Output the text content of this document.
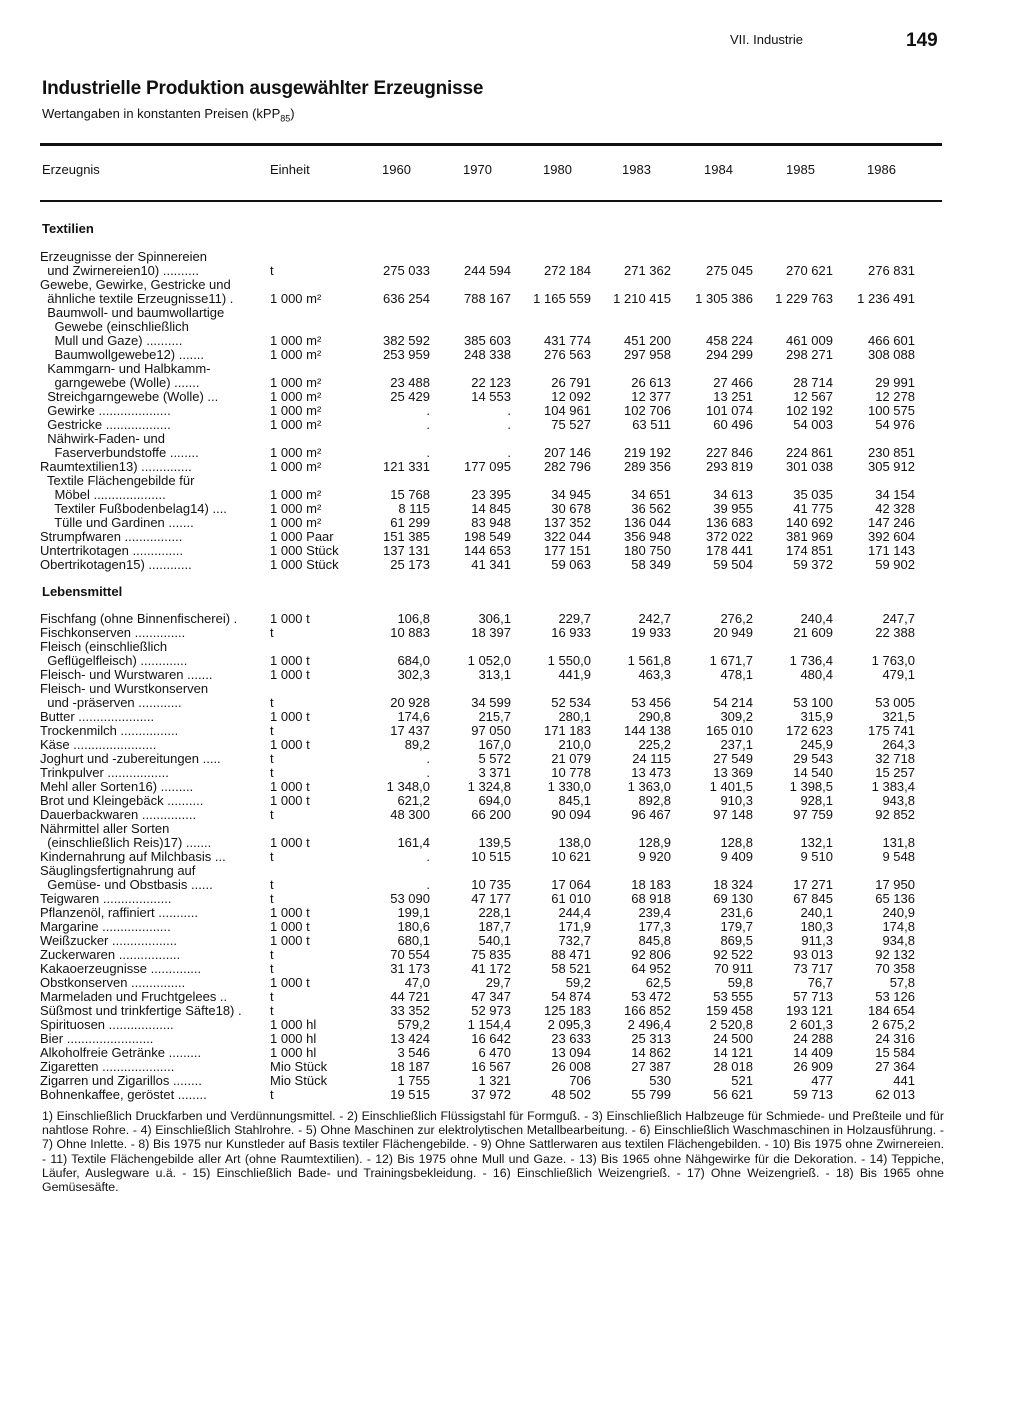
VII. Industrie	149
Industrielle Produktion ausgewählter Erzeugnisse
Wertangaben in konstanten Preisen (kPP$_{85}$)
Erzeugnis	Einheit	1960	1970	1980	1983	1984	1985	1986
Textilien
Erzeugnisse der Spinnereien								
und Zwirnereien10) ..........	t	275 033	244 594	272 184	271 362	275 045	270 621	276 831
Gewebe, Gewirke, Gestricke und								
ähnliche textile Erzeugnisse11) .	1 000 m²	636 254	788 167	1 165 559	1 210 415	1 305 386	1 229 763	1 236 491
Baumwoll- und baumwollartige								
Gewebe (einschließlich								
Mull und Gaze) ..........	1 000 m²	382 592	385 603	431 774	451 200	458 224	461 009	466 601
Baumwollgewebe12) .......	1 000 m²	253 959	248 338	276 563	297 958	294 299	298 271	308 088
Kammgarn- und Halbkamm-								
garngewebe (Wolle) .......	1 000 m²	23 488	22 123	26 791	26 613	27 466	28 714	29 991
Streichgarngewebe (Wolle) ...	1 000 m²	25 429	14 553	12 092	12 377	13 251	12 567	12 278
Gewirke ....................	1 000 m²	.	.	104 961	102 706	101 074	102 192	100 575
Gestricke ..................	1 000 m²	.	.	75 527	63 511	60 496	54 003	54 976
Nähwirk-Faden- und								
Faserverbundstoffe ........	1 000 m²	.	.	207 146	219 192	227 846	224 861	230 851
Raumtextilien13) ..............	1 000 m²	121 331	177 095	282 796	289 356	293 819	301 038	305 912
Textile Flächengebilde für								
Möbel ....................	1 000 m²	15 768	23 395	34 945	34 651	34 613	35 035	34 154
Textiler Fußbodenbelag14) ....	1 000 m²	8 115	14 845	30 678	36 562	39 955	41 775	42 328
Tülle und Gardinen .......	1 000 m²	61 299	83 948	137 352	136 044	136 683	140 692	147 246
Strumpfwaren ................	1 000 Paar	151 385	198 549	322 044	356 948	372 022	381 969	392 604
Untertrikotagen ..............	1 000 Stück	137 131	144 653	177 151	180 750	178 441	174 851	171 143
Obertrikotagen15) ............	1 000 Stück	25 173	41 341	59 063	58 349	59 504	59 372	59 902
Lebensmittel
Fischfang (ohne Binnenfischerei) .	1 000 t	106,8	306,1	229,7	242,7	276,2	240,4	247,7
Fischkonserven ..............	t	10 883	18 397	16 933	19 933	20 949	21 609	22 388
Fleisch (einschließlich								
Geflügelfleisch) .............	1 000 t	684,0	1 052,0	1 550,0	1 561,8	1 671,7	1 736,4	1 763,0
Fleisch- und Wurstwaren .......	1 000 t	302,3	313,1	441,9	463,3	478,1	480,4	479,1
Fleisch- und Wurstkonserven								
und -präserven ............	t	20 928	34 599	52 534	53 456	54 214	53 100	53 005
Butter .....................	1 000 t	174,6	215,7	280,1	290,8	309,2	315,9	321,5
Trockenmilch ................	t	17 437	97 050	171 183	144 138	165 010	172 623	175 741
Käse .......................	1 000 t	89,2	167,0	210,0	225,2	237,1	245,9	264,3
Joghurt und -zubereitungen .....	t	.	5 572	21 079	24 115	27 549	29 543	32 718
Trinkpulver .................	t	.	3 371	10 778	13 473	13 369	14 540	15 257
Mehl aller Sorten16) .........	1 000 t	1 348,0	1 324,8	1 330,0	1 363,0	1 401,5	1 398,5	1 383,4
Brot und Kleingebäck ..........	1 000 t	621,2	694,0	845,1	892,8	910,3	928,1	943,8
Dauerbackwaren ...............	t	48 300	66 200	90 094	96 467	97 148	97 759	92 852
Nährmittel aller Sorten								
(einschließlich Reis)17) .......	1 000 t	161,4	139,5	138,0	128,9	128,8	132,1	131,8
Kindernahrung auf Milchbasis ...	t	.	10 515	10 621	9 920	9 409	9 510	9 548
Säuglingsfertignahrung auf								
Gemüse- und Obstbasis ......	t	.	10 735	17 064	18 183	18 324	17 271	17 950
Teigwaren ...................	t	53 090	47 177	61 010	68 918	69 130	67 845	65 136
Pflanzenöl, raffiniert ...........	1 000 t	199,1	228,1	244,4	239,4	231,6	240,1	240,9
Margarine ...................	1 000 t	180,6	187,7	171,9	177,3	179,7	180,3	174,8
Weißzucker ..................	1 000 t	680,1	540,1	732,7	845,8	869,5	911,3	934,8
Zuckerwaren .................	t	70 554	75 835	88 471	92 806	92 522	93 013	92 132
Kakaoerzeugnisse ..............	t	31 173	41 172	58 521	64 952	70 911	73 717	70 358
Obstkonserven ...............	1 000 t	47,0	29,7	59,2	62,5	59,8	76,7	57,8
Marmeladen und Fruchtgelees ..	t	44 721	47 347	54 874	53 472	53 555	57 713	53 126
Süßmost und trinkfertige Säfte18) .	t	33 352	52 973	125 183	166 852	159 458	193 121	184 654
Spirituosen ..................	1 000 hl	579,2	1 154,4	2 095,3	2 496,4	2 520,8	2 601,3	2 675,2
Bier ........................	1 000 hl	13 424	16 642	23 633	25 313	24 500	24 288	24 316
Alkoholfreie Getränke .........	1 000 hl	3 546	6 470	13 094	14 862	14 121	14 409	15 584
Zigaretten ....................	Mio Stück	18 187	16 567	26 008	27 387	28 018	26 909	27 364
Zigarren und Zigarillos ........	Mio Stück	1 755	1 321	706	530	521	477	441
Bohnenkaffee, geröstet ........	t	19 515	37 972	48 502	55 799	56 621	59 713	62 013
1) Einschließlich Druckfarben und Verdünnungsmittel. - 2) Einschließlich Flüssigstahl für Formguß. - 3) Einschließlich Halbzeuge für Schmiede- und Preßteile und für nahtlose Rohre. - 4) Einschließlich Stahlrohre. - 5) Ohne Maschinen zur elektrolytischen Metallbearbeitung. - 6) Einschließlich Waschmaschinen in Holzausführung. - 7) Ohne Inlette. - 8) Bis 1975 nur Kunstleder auf Basis textiler Flächengebilde. - 9) Ohne Sattlerwaren aus textilen Flächengebilden. - 10) Bis 1975 ohne Zwirnereien. - 11) Textile Flächengebilde aller Art (ohne Raumtextilien). - 12) Bis 1975 ohne Mull und Gaze. - 13) Bis 1965 ohne Nähgewirke für die Dekoration. - 14) Teppiche, Läufer, Auslegware u.ä. - 15) Einschließlich Bade- und Trainingsbekleidung. - 16) Einschließlich Weizengrieß. - 17) Ohne Weizengrieß. - 18) Bis 1965 ohne Gemüsesäfte.
